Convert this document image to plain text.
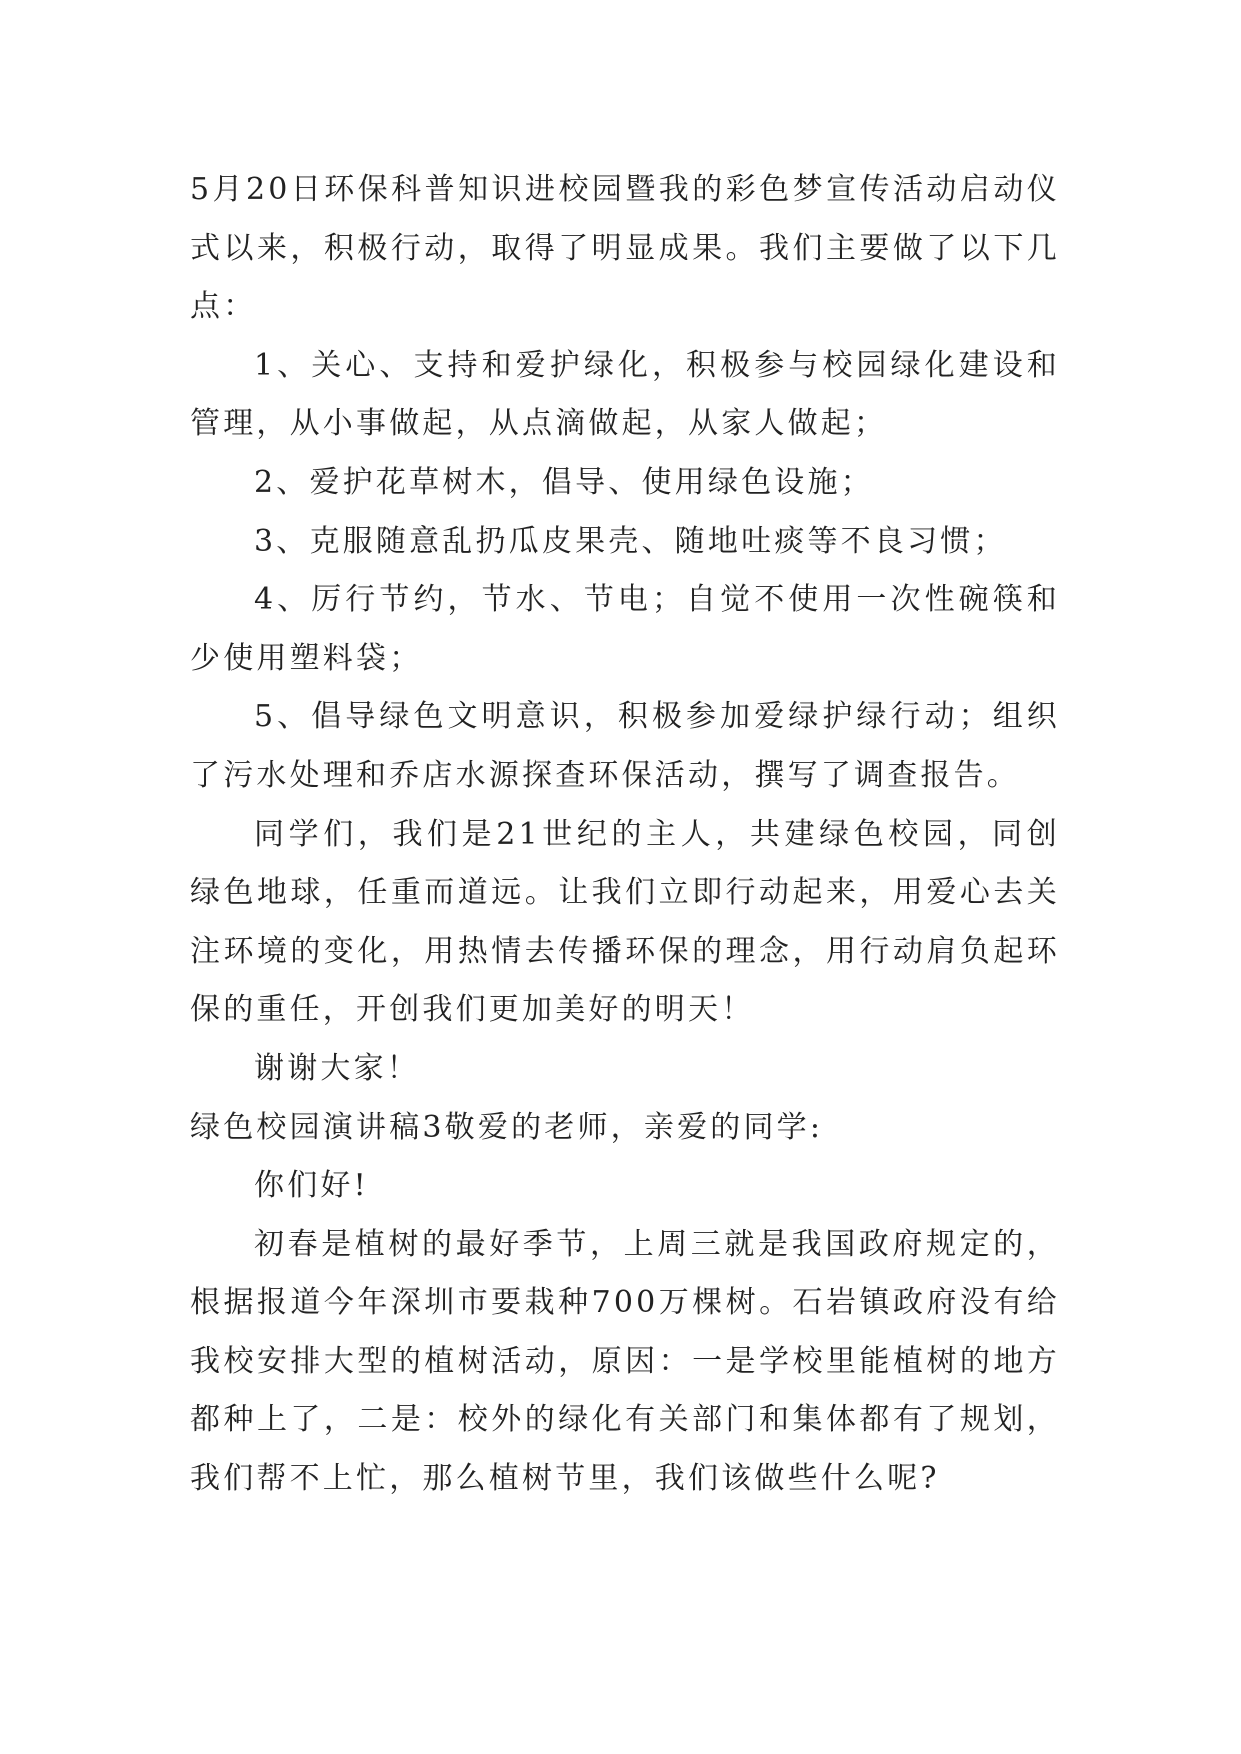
5月20日环保科普知识进校园暨我的彩色梦宣传活动启动仪式以来，积极行动，取得了明显成果。我们主要做了以下几点：

1、关心、支持和爱护绿化，积极参与校园绿化建设和管理，从小事做起，从点滴做起，从家人做起；

2、爱护花草树木，倡导、使用绿色设施；

3、克服随意乱扔瓜皮果壳、随地吐痰等不良习惯；

4、厉行节约，节水、节电；自觉不使用一次性碗筷和少使用塑料袋；

5、倡导绿色文明意识，积极参加爱绿护绿行动；组织了污水处理和乔店水源探查环保活动，撰写了调查报告。

同学们，我们是21世纪的主人，共建绿色校园，同创绿色地球，任重而道远。让我们立即行动起来，用爱心去关注环境的变化，用热情去传播环保的理念，用行动肩负起环保的重任，开创我们更加美好的明天！

谢谢大家！

绿色校园演讲稿3敬爱的老师，亲爱的同学:

你们好!

初春是植树的最好季节，上周三就是我国政府规定的，根据报道今年深圳市要栽种700万棵树。石岩镇政府没有给我校安排大型的植树活动，原因：一是学校里能植树的地方都种上了，二是：校外的绿化有关部门和集体都有了规划，我们帮不上忙，那么植树节里，我们该做些什么呢?
